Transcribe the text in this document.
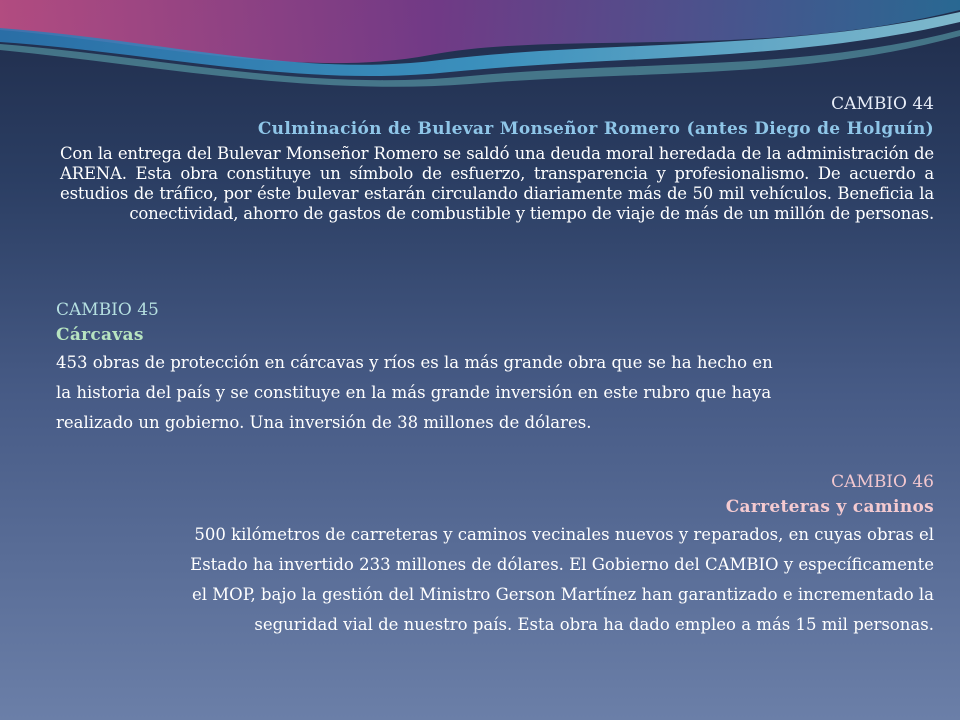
CAMBIO 44
Culminación de Bulevar Monseñor Romero (antes Diego de Holguín)
Con la entrega del Bulevar Monseñor Romero se saldó una deuda moral heredada de la administración de ARENA. Esta obra constituye un símbolo de esfuerzo, transparencia y profesionalismo. De acuerdo a estudios de tráfico, por éste bulevar estarán circulando diariamente más de 50 mil vehículos. Beneficia la conectividad, ahorro de gastos de combustible y tiempo de viaje de más de un millón de personas.
CAMBIO 45
Cárcavas
453 obras de protección en cárcavas y ríos es la más grande obra que se ha hecho en la historia del país y se constituye en la más grande inversión en este rubro que haya realizado un gobierno. Una inversión de 38 millones de dólares.
CAMBIO 46
Carreteras y caminos
500 kilómetros de carreteras y caminos vecinales nuevos y reparados, en cuyas obras el Estado ha invertido 233 millones de dólares. El Gobierno del CAMBIO y específicamente el MOP, bajo la gestión del Ministro Gerson Martínez han garantizado e incrementado la seguridad vial de nuestro país. Esta obra ha dado empleo a más 15 mil personas.
